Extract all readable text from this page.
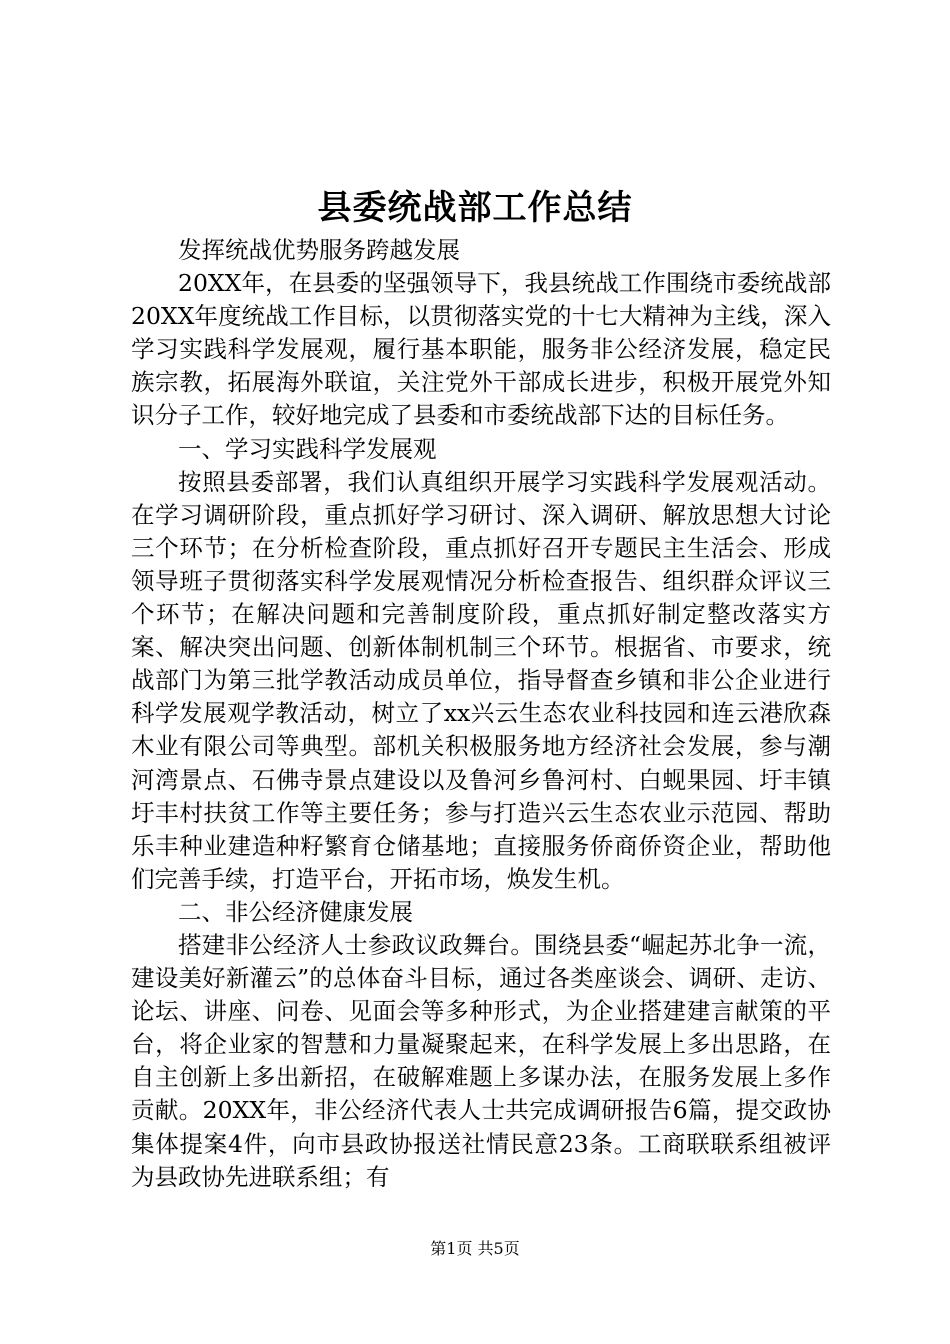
县委统战部工作总结

发挥统战优势服务跨越发展

20XX年，在县委的坚强领导下，我县统战工作围绕市委统战部20XX年度统战工作目标，以贯彻落实党的十七大精神为主线，深入学习实践科学发展观，履行基本职能，服务非公经济发展，稳定民族宗教，拓展海外联谊，关注党外干部成长进步，积极开展党外知识分子工作，较好地完成了县委和市委统战部下达的目标任务。

一、学习实践科学发展观

按照县委部署，我们认真组织开展学习实践科学发展观活动。在学习调研阶段，重点抓好学习研讨、深入调研、解放思想大讨论三个环节；在分析检查阶段，重点抓好召开专题民主生活会、形成领导班子贯彻落实科学发展观情况分析检查报告、组织群众评议三个环节；在解决问题和完善制度阶段，重点抓好制定整改落实方案、解决突出问题、创新体制机制三个环节。根据省、市要求，统战部门为第三批学教活动成员单位，指导督查乡镇和非公企业进行科学发展观学教活动，树立了xx兴云生态农业科技园和连云港欣森木业有限公司等典型。部机关积极服务地方经济社会发展，参与潮河湾景点、石佛寺景点建设以及鲁河乡鲁河村、白蚬果园、圩丰镇圩丰村扶贫工作等主要任务；参与打造兴云生态农业示范园、帮助乐丰种业建造种籽繁育仓储基地；直接服务侨商侨资企业，帮助他们完善手续，打造平台，开拓市场，焕发生机。

二、非公经济健康发展

搭建非公经济人士参政议政舞台。围绕县委“崛起苏北争一流，建设美好新灌云”的总体奋斗目标，通过各类座谈会、调研、走访、论坛、讲座、问卷、见面会等多种形式，为企业搭建建言献策的平台，将企业家的智慧和力量凝聚起来，在科学发展上多出思路，在自主创新上多出新招，在破解难题上多谋办法，在服务发展上多作贡献。20XX年，非公经济代表人士共完成调研报告6篇，提交政协集体提案4件，向市县政协报送社情民意23条。工商联联系组被评为县政协先进联系组；有

第1页 共5页
